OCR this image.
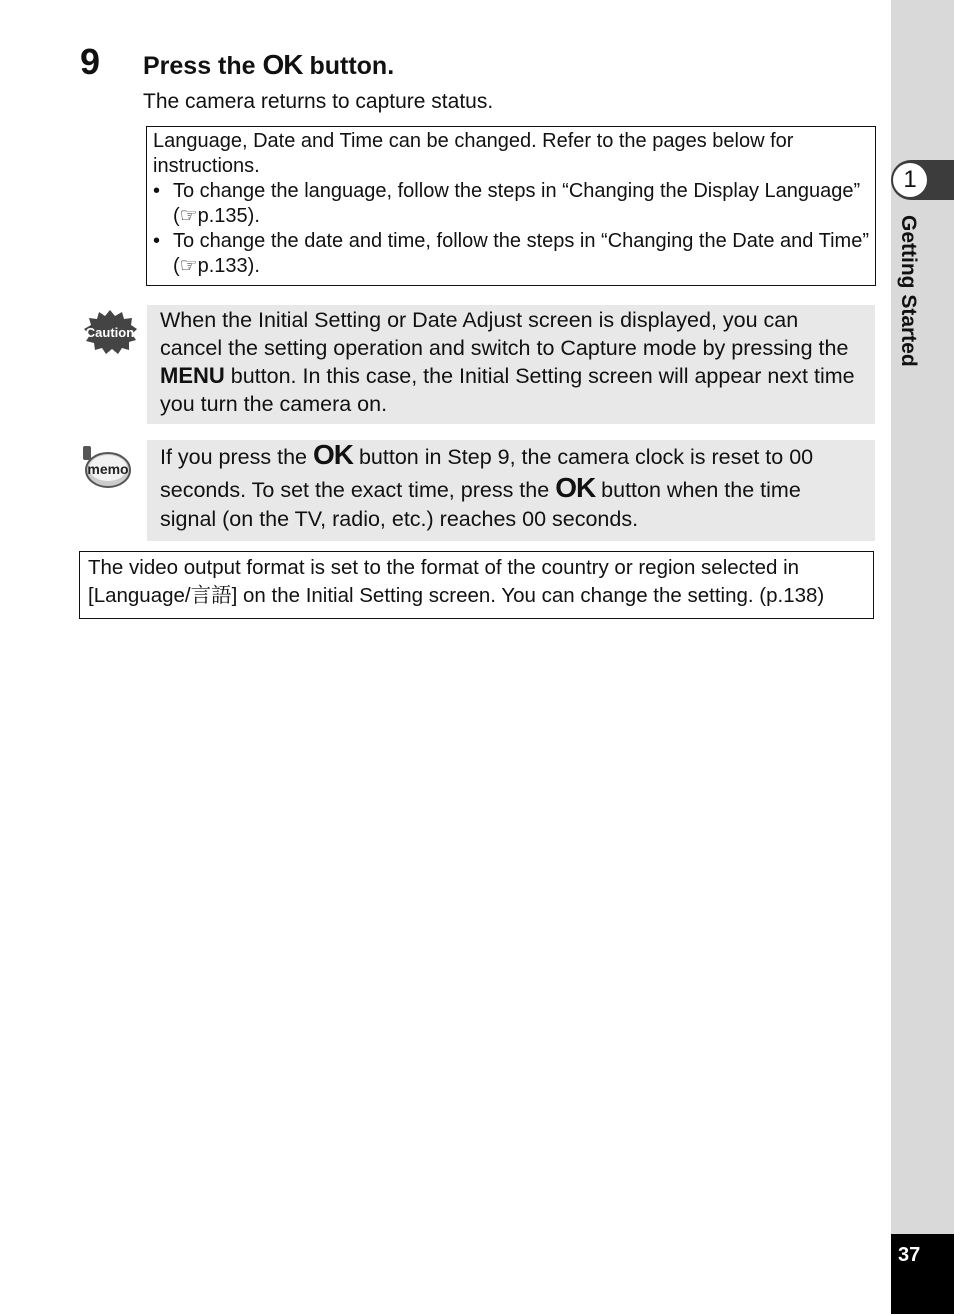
1
Getting Started
37
9 Press the OK button.
The camera returns to capture status.
Language, Date and Time can be changed. Refer to the pages below for instructions.
• To change the language, follow the steps in “Changing the Display Language” (☞p.135).
• To change the date and time, follow the steps in “Changing the Date and Time” (☞p.133).
Caution
When the Initial Setting or Date Adjust screen is displayed, you can cancel the setting operation and switch to Capture mode by pressing the MENU button. In this case, the Initial Setting screen will appear next time you turn the camera on.
memo	If you press the OK button in Step 9, the camera clock is reset to 00 seconds. To set the exact time, press the OK button when the time signal (on the TV, radio, etc.) reaches 00 seconds.
The video output format is set to the format of the country or region selected in [Language/言語] on the Initial Setting screen. You can change the setting. (p.138)
